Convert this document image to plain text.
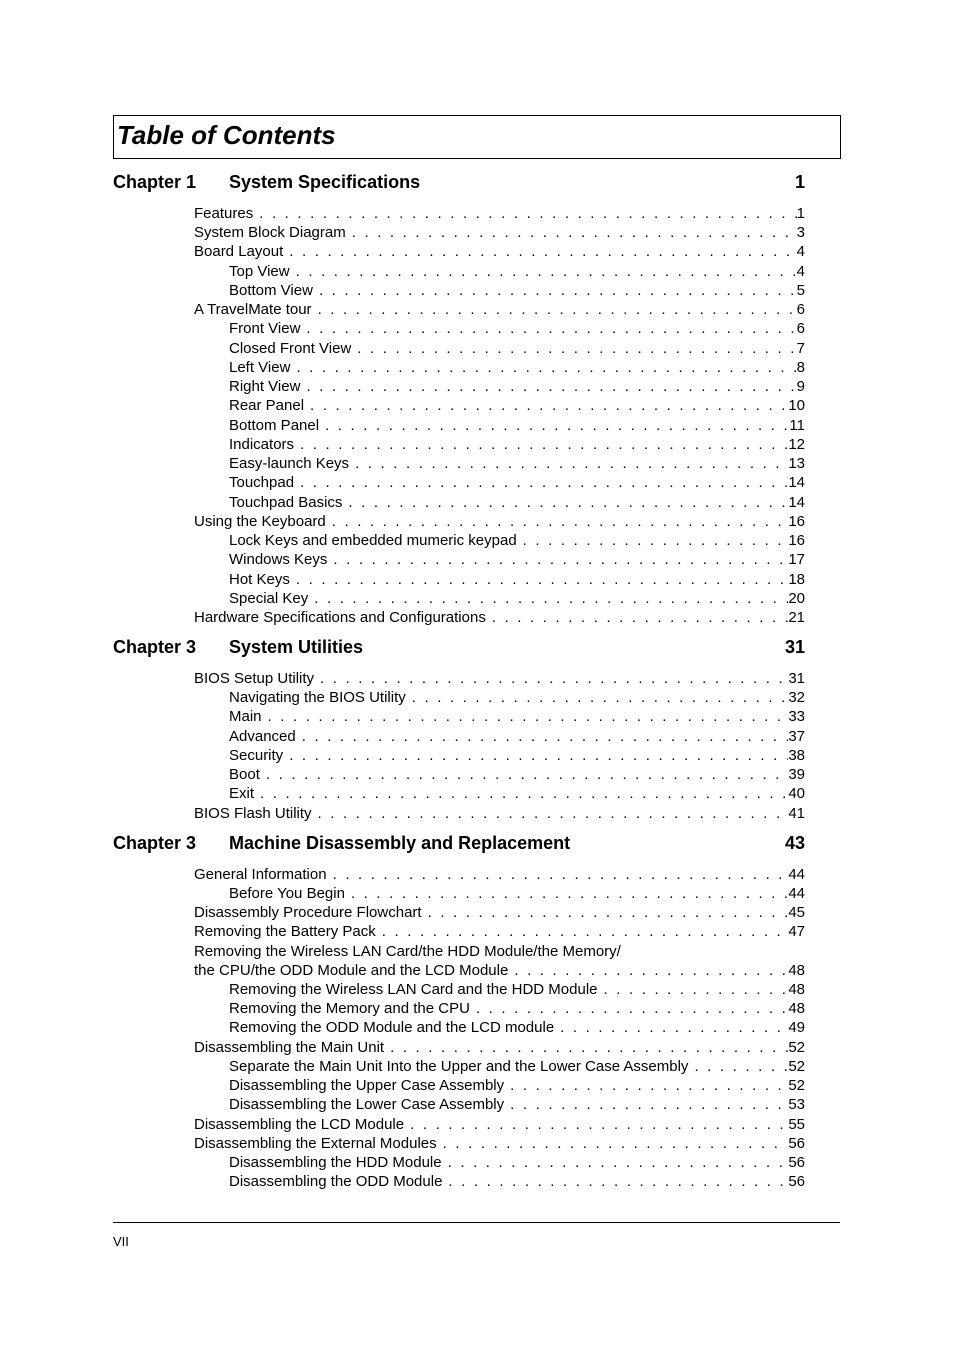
Table of Contents
Chapter 1 System Specifications	1
Features . . .	1
System Block Diagram . . .	3
Board Layout . . .	4
Top View . . .	4
Bottom View . . .	5
A TravelMate tour . . .	6
Front View . . .	6
Closed Front View . . .	7
Left View . . .	8
Right View . . .	9
Rear Panel . . .	10
Bottom Panel . . .	11
Indicators . . .	12
Easy-launch Keys . . .	13
Touchpad . . .	14
Touchpad Basics . . .	14
Using the Keyboard . . .	16
Lock Keys and embedded mumeric keypad . . .	16
Windows Keys . . .	17
Hot Keys . . .	18
Special Key . . .	20
Hardware Specifications and Configurations . . .	21
Chapter 3 System Utilities	31
BIOS Setup Utility . . .	31
Navigating the BIOS Utility . . .	32
Main . . .	33
Advanced . . .	37
Security . . .	38
Boot . . .	39
Exit . . .	40
BIOS Flash Utility . . .	41
Chapter 3 Machine Disassembly and Replacement	43
General Information . . .	44
Before You Begin . . .	44
Disassembly Procedure Flowchart . . .	45
Removing the Battery Pack . . .	47
Removing the Wireless LAN Card/the HDD Module/the Memory/
the CPU/the ODD Module and the LCD Module . . .	48
Removing the Wireless LAN Card and the HDD Module . . .	48
Removing the Memory and the CPU . . .	48
Removing the ODD Module and the LCD module . . .	49
Disassembling the Main Unit . . .	52
Separate the Main Unit Into the Upper and the Lower Case Assembly . . .	52
Disassembling the Upper Case Assembly . . .	52
Disassembling the Lower Case Assembly . . .	53
Disassembling the LCD Module . . .	55
Disassembling the External Modules . . .	56
Disassembling the HDD Module . . .	56
Disassembling the ODD Module . . .	56
VII
